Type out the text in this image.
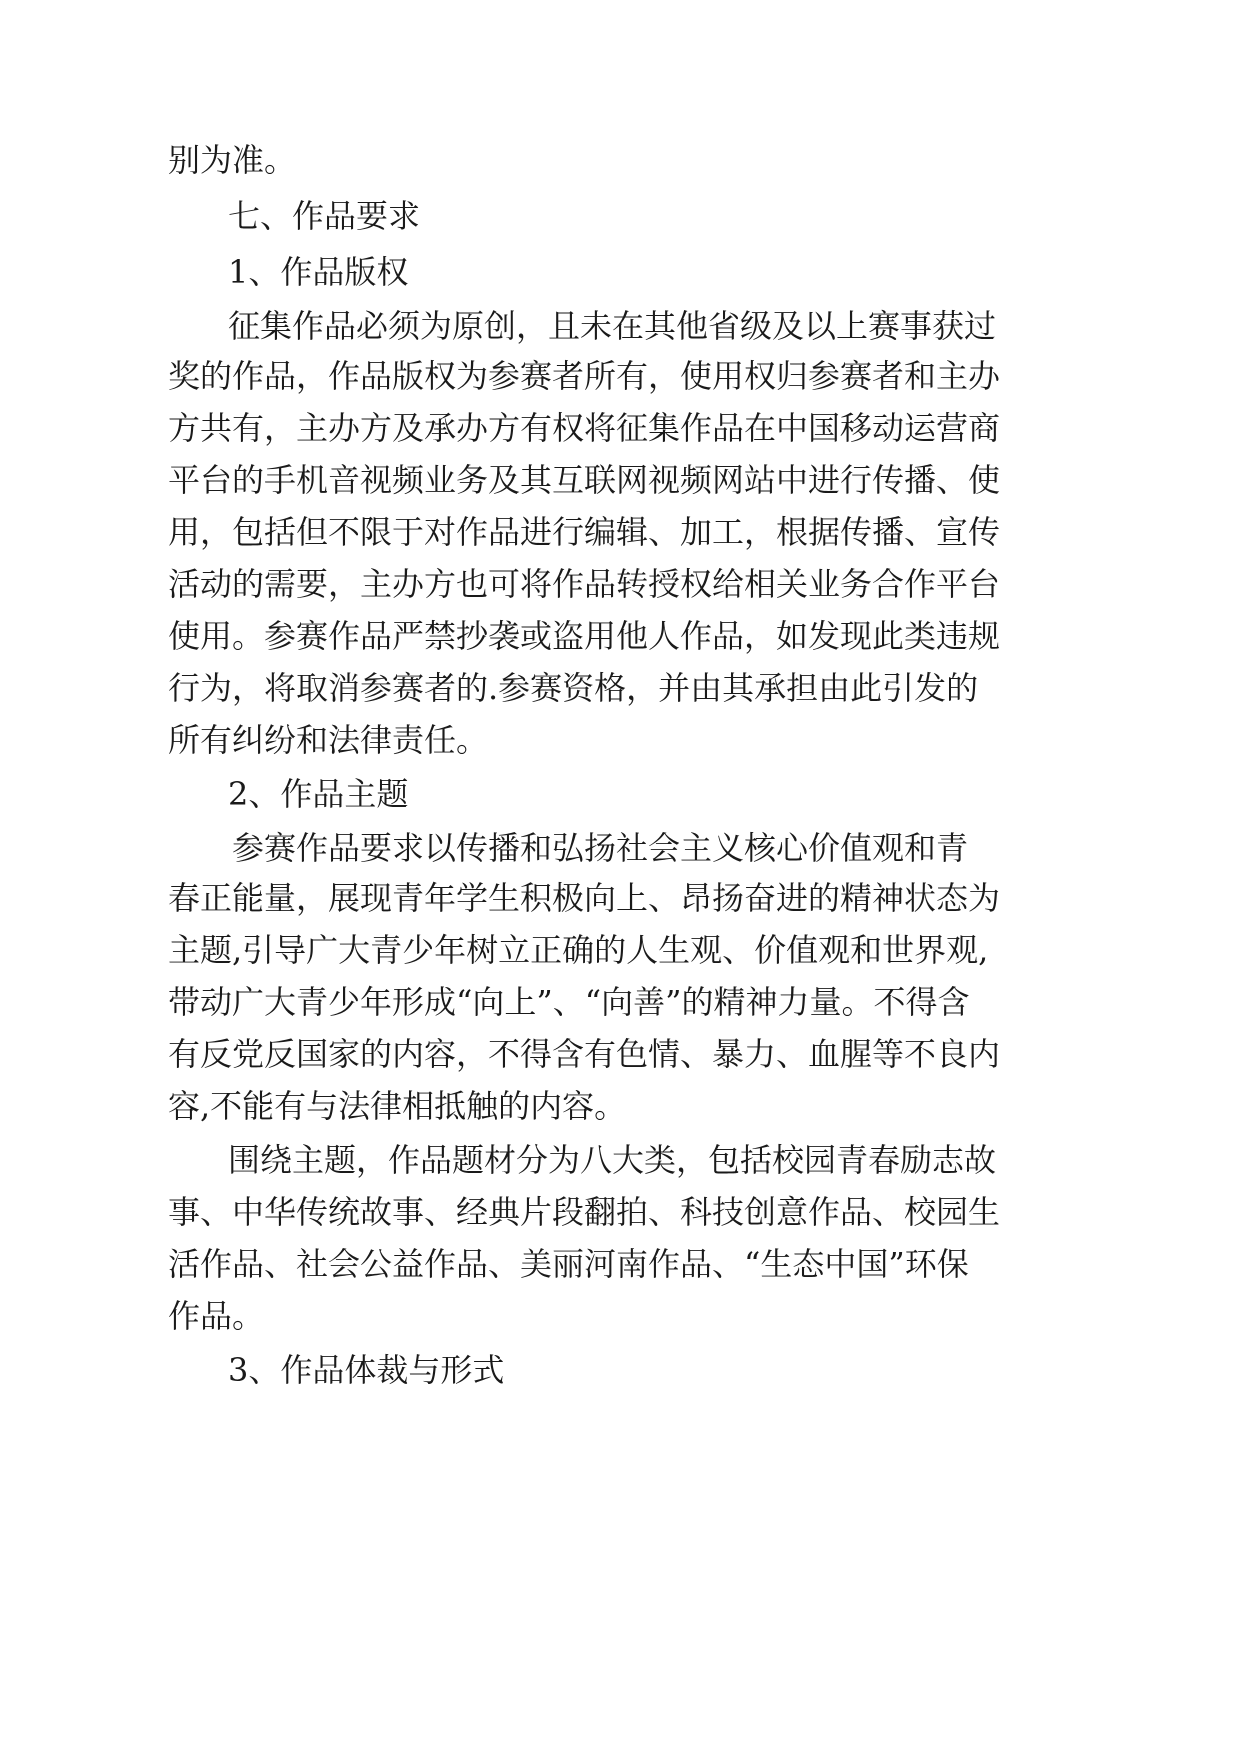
别为准。

七、作品要求

1、作品版权

征集作品必须为原创，且未在其他省级及以上赛事获过

奖的作品，作品版权为参赛者所有，使用权归参赛者和主办

方共有，主办方及承办方有权将征集作品在中国移动运营商

平台的手机音视频业务及其互联网视频网站中进行传播、使

用，包括但不限于对作品进行编辑、加工，根据传播、宣传

活动的需要，主办方也可将作品转授权给相关业务合作平台

使用。参赛作品严禁抄袭或盗用他人作品，如发现此类违规

行为，将取消参赛者的.参赛资格，并由其承担由此引发的

所有纠纷和法律责任。

2、作品主题

参赛作品要求以传播和弘扬社会主义核心价值观和青

春正能量，展现青年学生积极向上、昂扬奋进的精神状态为

主题,引导广大青少年树立正确的人生观、价值观和世界观,

带动广大青少年形成“向上”、“向善”的精神力量。不得含

有反党反国家的内容，不得含有色情、暴力、血腥等不良内

容,不能有与法律相抵触的内容。

围绕主题，作品题材分为八大类，包括校园青春励志故

事、中华传统故事、经典片段翻拍、科技创意作品、校园生

活作品、社会公益作品、美丽河南作品、“生态中国”环保

作品。

3、作品体裁与形式
